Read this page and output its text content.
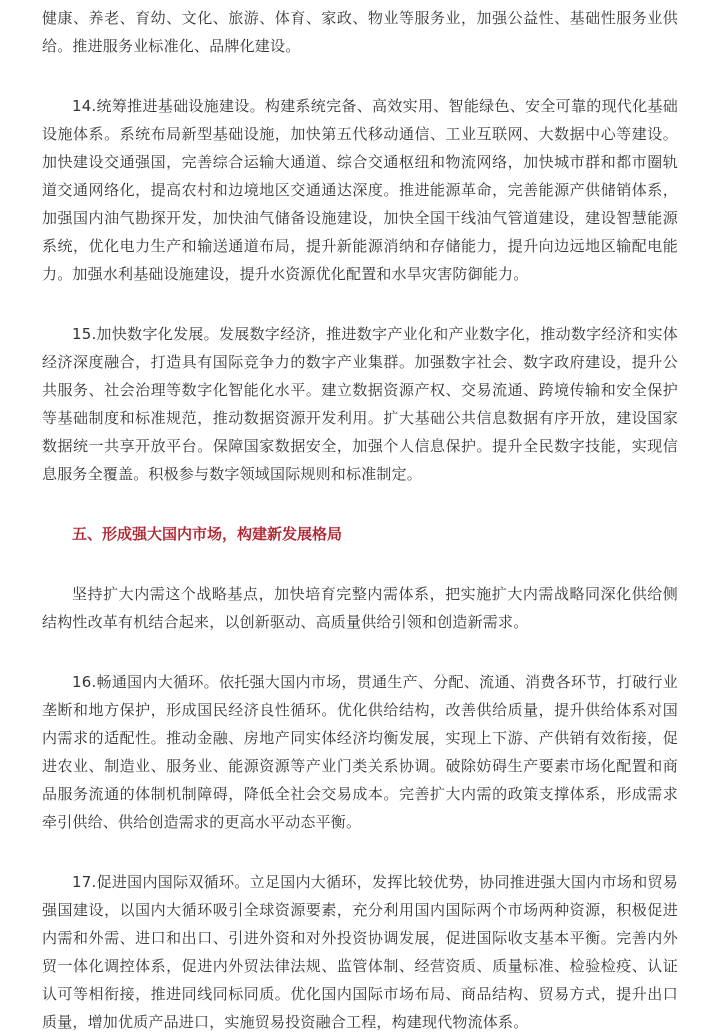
健康、养老、育幼、文化、旅游、体育、家政、物业等服务业，加强公益性、基础性服务业供给。推进服务业标准化、品牌化建设。

14.统筹推进基础设施建设。构建系统完备、高效实用、智能绿色、安全可靠的现代化基础设施体系。系统布局新型基础设施，加快第五代移动通信、工业互联网、大数据中心等建设。加快建设交通强国，完善综合运输大通道、综合交通枢纽和物流网络，加快城市群和都市圈轨道交通网络化，提高农村和边境地区交通通达深度。推进能源革命，完善能源产供储销体系，加强国内油气勘探开发，加快油气储备设施建设，加快全国干线油气管道建设，建设智慧能源系统，优化电力生产和输送通道布局，提升新能源消纳和存储能力，提升向边远地区输配电能力。加强水利基础设施建设，提升水资源优化配置和水旱灾害防御能力。

15.加快数字化发展。发展数字经济，推进数字产业化和产业数字化，推动数字经济和实体经济深度融合，打造具有国际竞争力的数字产业集群。加强数字社会、数字政府建设，提升公共服务、社会治理等数字化智能化水平。建立数据资源产权、交易流通、跨境传输和安全保护等基础制度和标准规范，推动数据资源开发利用。扩大基础公共信息数据有序开放，建设国家数据统一共享开放平台。保障国家数据安全，加强个人信息保护。提升全民数字技能，实现信息服务全覆盖。积极参与数字领域国际规则和标准制定。

五、形成强大国内市场，构建新发展格局

坚持扩大内需这个战略基点，加快培育完整内需体系，把实施扩大内需战略同深化供给侧结构性改革有机结合起来，以创新驱动、高质量供给引领和创造新需求。

16.畅通国内大循环。依托强大国内市场，贯通生产、分配、流通、消费各环节，打破行业垄断和地方保护，形成国民经济良性循环。优化供给结构，改善供给质量，提升供给体系对国内需求的适配性。推动金融、房地产同实体经济均衡发展，实现上下游、产供销有效衔接，促进农业、制造业、服务业、能源资源等产业门类关系协调。破除妨碍生产要素市场化配置和商品服务流通的体制机制障碍，降低全社会交易成本。完善扩大内需的政策支撑体系，形成需求牵引供给、供给创造需求的更高水平动态平衡。

17.促进国内国际双循环。立足国内大循环，发挥比较优势，协同推进强大国内市场和贸易强国建设，以国内大循环吸引全球资源要素，充分利用国内国际两个市场两种资源，积极促进内需和外需、进口和出口、引进外资和对外投资协调发展，促进国际收支基本平衡。完善内外贸一体化调控体系，促进内外贸法律法规、监管体制、经营资质、质量标准、检验检疫、认证认可等相衔接，推进同线同标同质。优化国内国际市场布局、商品结构、贸易方式，提升出口质量，增加优质产品进口，实施贸易投资融合工程，构建现代物流体系。
